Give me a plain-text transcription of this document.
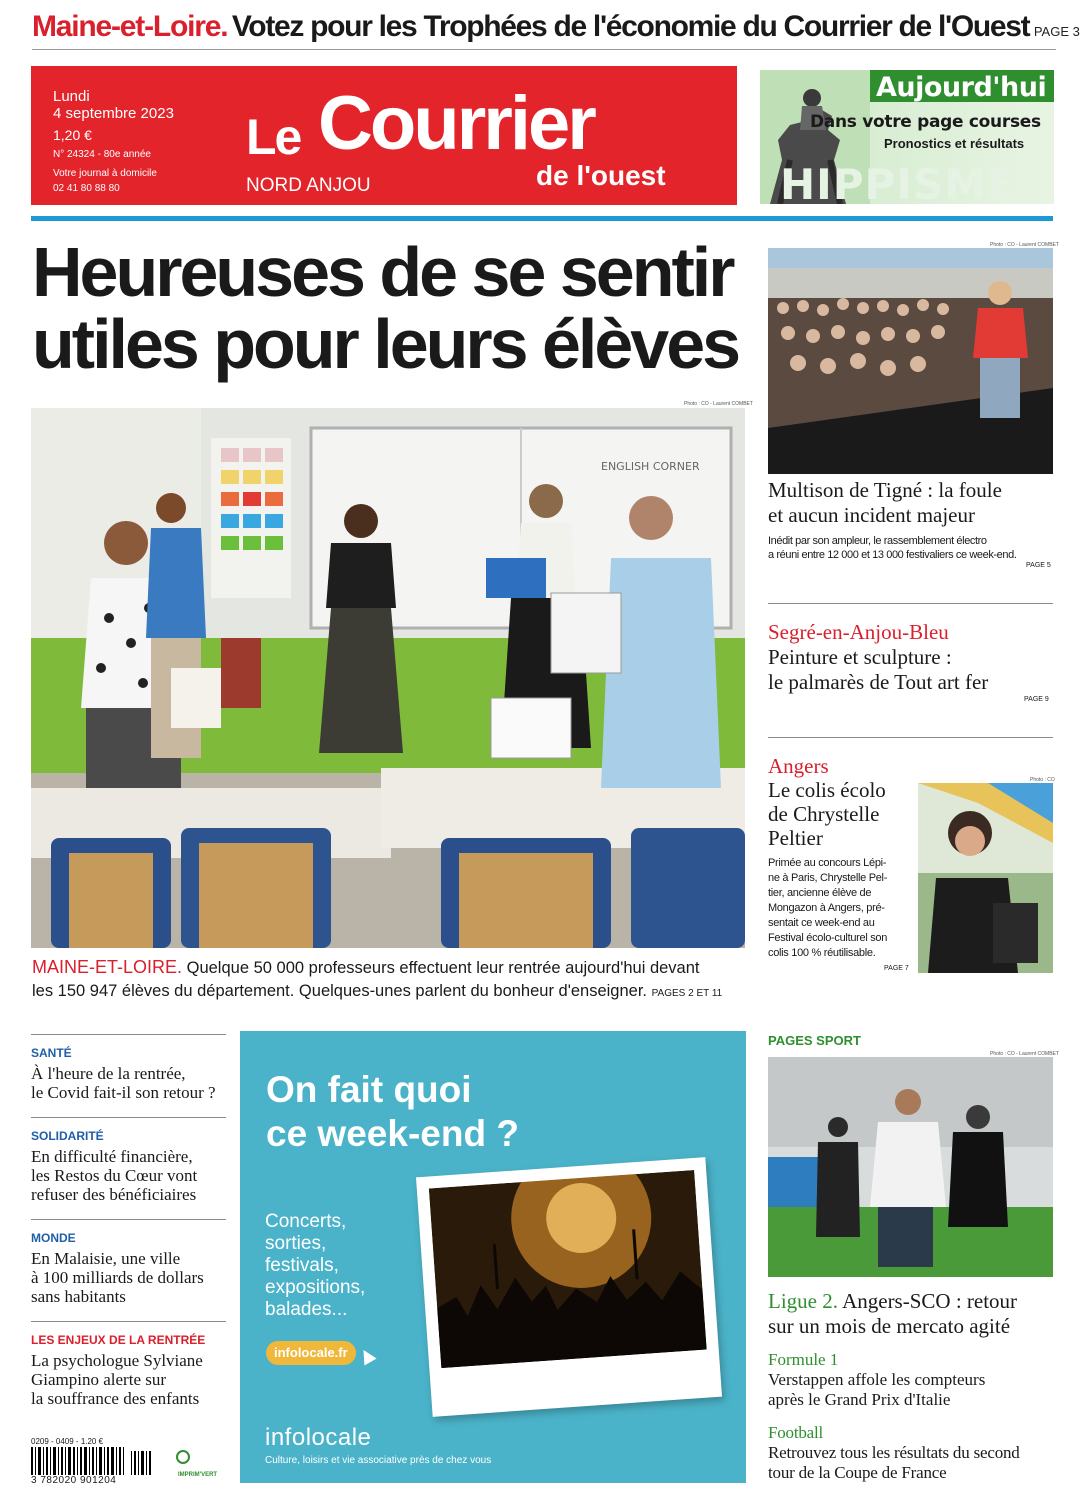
Maine-et-Loire. Votez pour les Trophées de l'économie du Courrier de l'Ouest PAGE 3
Lundi
4 septembre 2023
1,20 €
N° 24324 - 80e année
Votre journal à domicile
02 41 80 88 80
Le Courrier
de l'ouest
NORD ANJOU
Aujourd'hui
Dans votre page courses
Pronostics et résultats
HIPPISME
Heureuses de se sentir
utiles pour leurs élèves
Photo : CO - Laurent COMBET
ENGLISH CORNER
MAINE-ET-LOIRE. Quelque 50 000 professeurs effectuent leur rentrée aujourd'hui devant
les 150 947 élèves du département. Quelques-unes parlent du bonheur d'enseigner. PAGES 2 ET 11
Photo : CO - Laurent COMBET
Multison de Tigné : la foule
et aucun incident majeur
Inédit par son ampleur, le rassemblement électro
a réuni entre 12 000 et 13 000 festivaliers ce week-end.
PAGE 5
Segré-en-Anjou-Bleu
Peinture et sculpture :
le palmarès de Tout art fer
PAGE 9
Angers
Le colis écolo
de Chrystelle
Peltier
Primée au concours Lépi-
ne à Paris, Chrystelle Pel-
tier, ancienne élève de
Mongazon à Angers, pré-
sentait ce week-end au
Festival écolo-culturel son
colis 100 % réutilisable.
PAGE 7
Photo : CO
PAGES SPORT
Photo : CO - Laurent COMBET
Ligue 2. Angers-SCO : retour
sur un mois de mercato agité
Formule 1
Verstappen affole les compteurs
après le Grand Prix d'Italie
Football
Retrouvez tous les résultats du second
tour de la Coupe de France
SANTÉ
À l'heure de la rentrée,
le Covid fait-il son retour ?
SOLIDARITÉ
En difficulté financière,
les Restos du Cœur vont
refuser des bénéficiaires
MONDE
En Malaisie, une ville
à 100 milliards de dollars
sans habitants
LES ENJEUX DE LA RENTRÉE
La psychologue Sylviane
Giampino alerte sur
la souffrance des enfants
0209 - 0409 - 1.20 €
3 782020 901204	IMPRIM'VERT
On fait quoi
ce week-end ?
Concerts,
sorties,
festivals,
expositions,
balades...
infolocale.fr
infolocale
Culture, loisirs et vie associative près de chez vous
